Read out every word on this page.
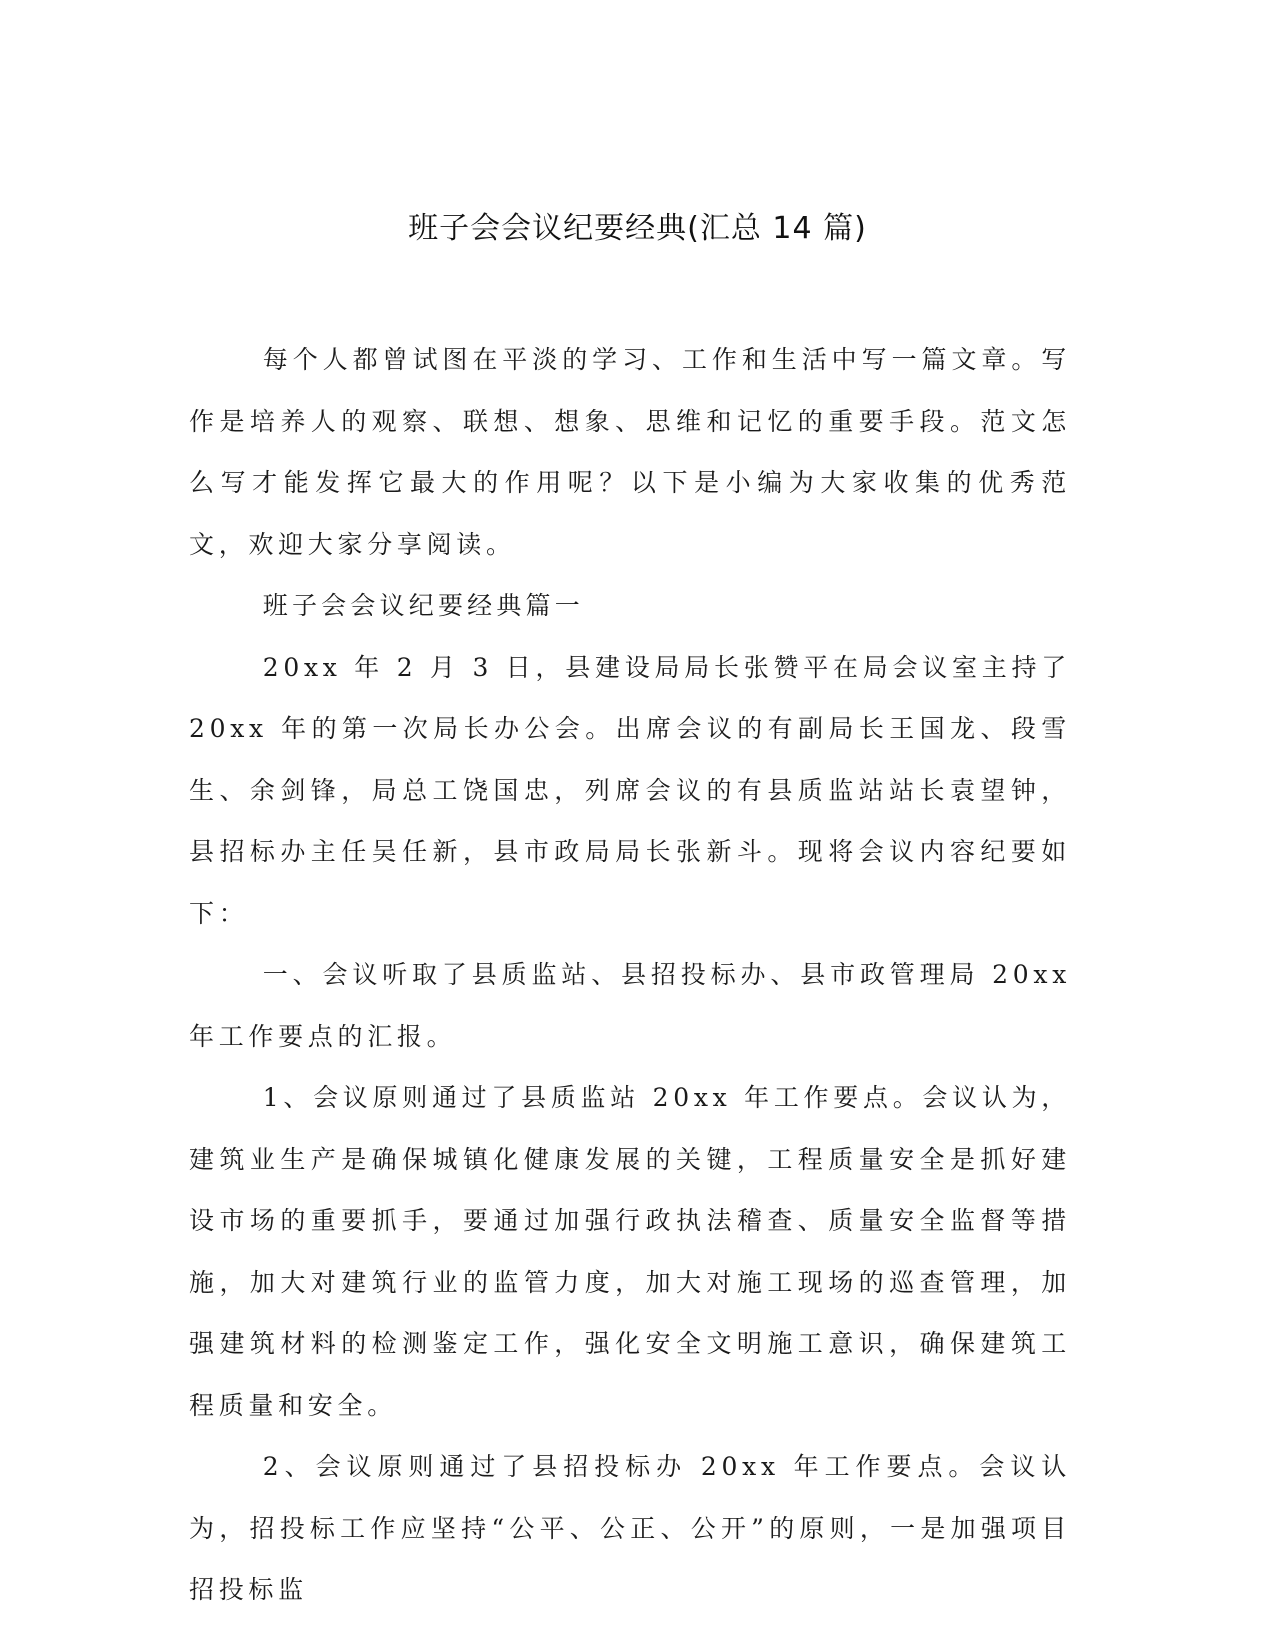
班子会会议纪要经典(汇总 14 篇)

每个人都曾试图在平淡的学习、工作和生活中写一篇文章。写作是培养人的观察、联想、想象、思维和记忆的重要手段。范文怎么写才能发挥它最大的作用呢？以下是小编为大家收集的优秀范文，欢迎大家分享阅读。

班子会会议纪要经典篇一

20xx 年 2 月 3 日，县建设局局长张赞平在局会议室主持了 20xx 年的第一次局长办公会。出席会议的有副局长王国龙、段雪生、余剑锋，局总工饶国忠，列席会议的有县质监站站长袁望钟，县招标办主任吴任新，县市政局局长张新斗。现将会议内容纪要如下：

一、会议听取了县质监站、县招投标办、县市政管理局 20xx 年工作要点的汇报。

1、会议原则通过了县质监站 20xx 年工作要点。会议认为，建筑业生产是确保城镇化健康发展的关键，工程质量安全是抓好建设市场的重要抓手，要通过加强行政执法稽查、质量安全监督等措施，加大对建筑行业的监管力度，加大对施工现场的巡查管理，加强建筑材料的检测鉴定工作，强化安全文明施工意识，确保建筑工程质量和安全。

2、会议原则通过了县招投标办 20xx 年工作要点。会议认为，招投标工作应坚持“公平、公正、公开”的原则，一是加强项目招投标监
